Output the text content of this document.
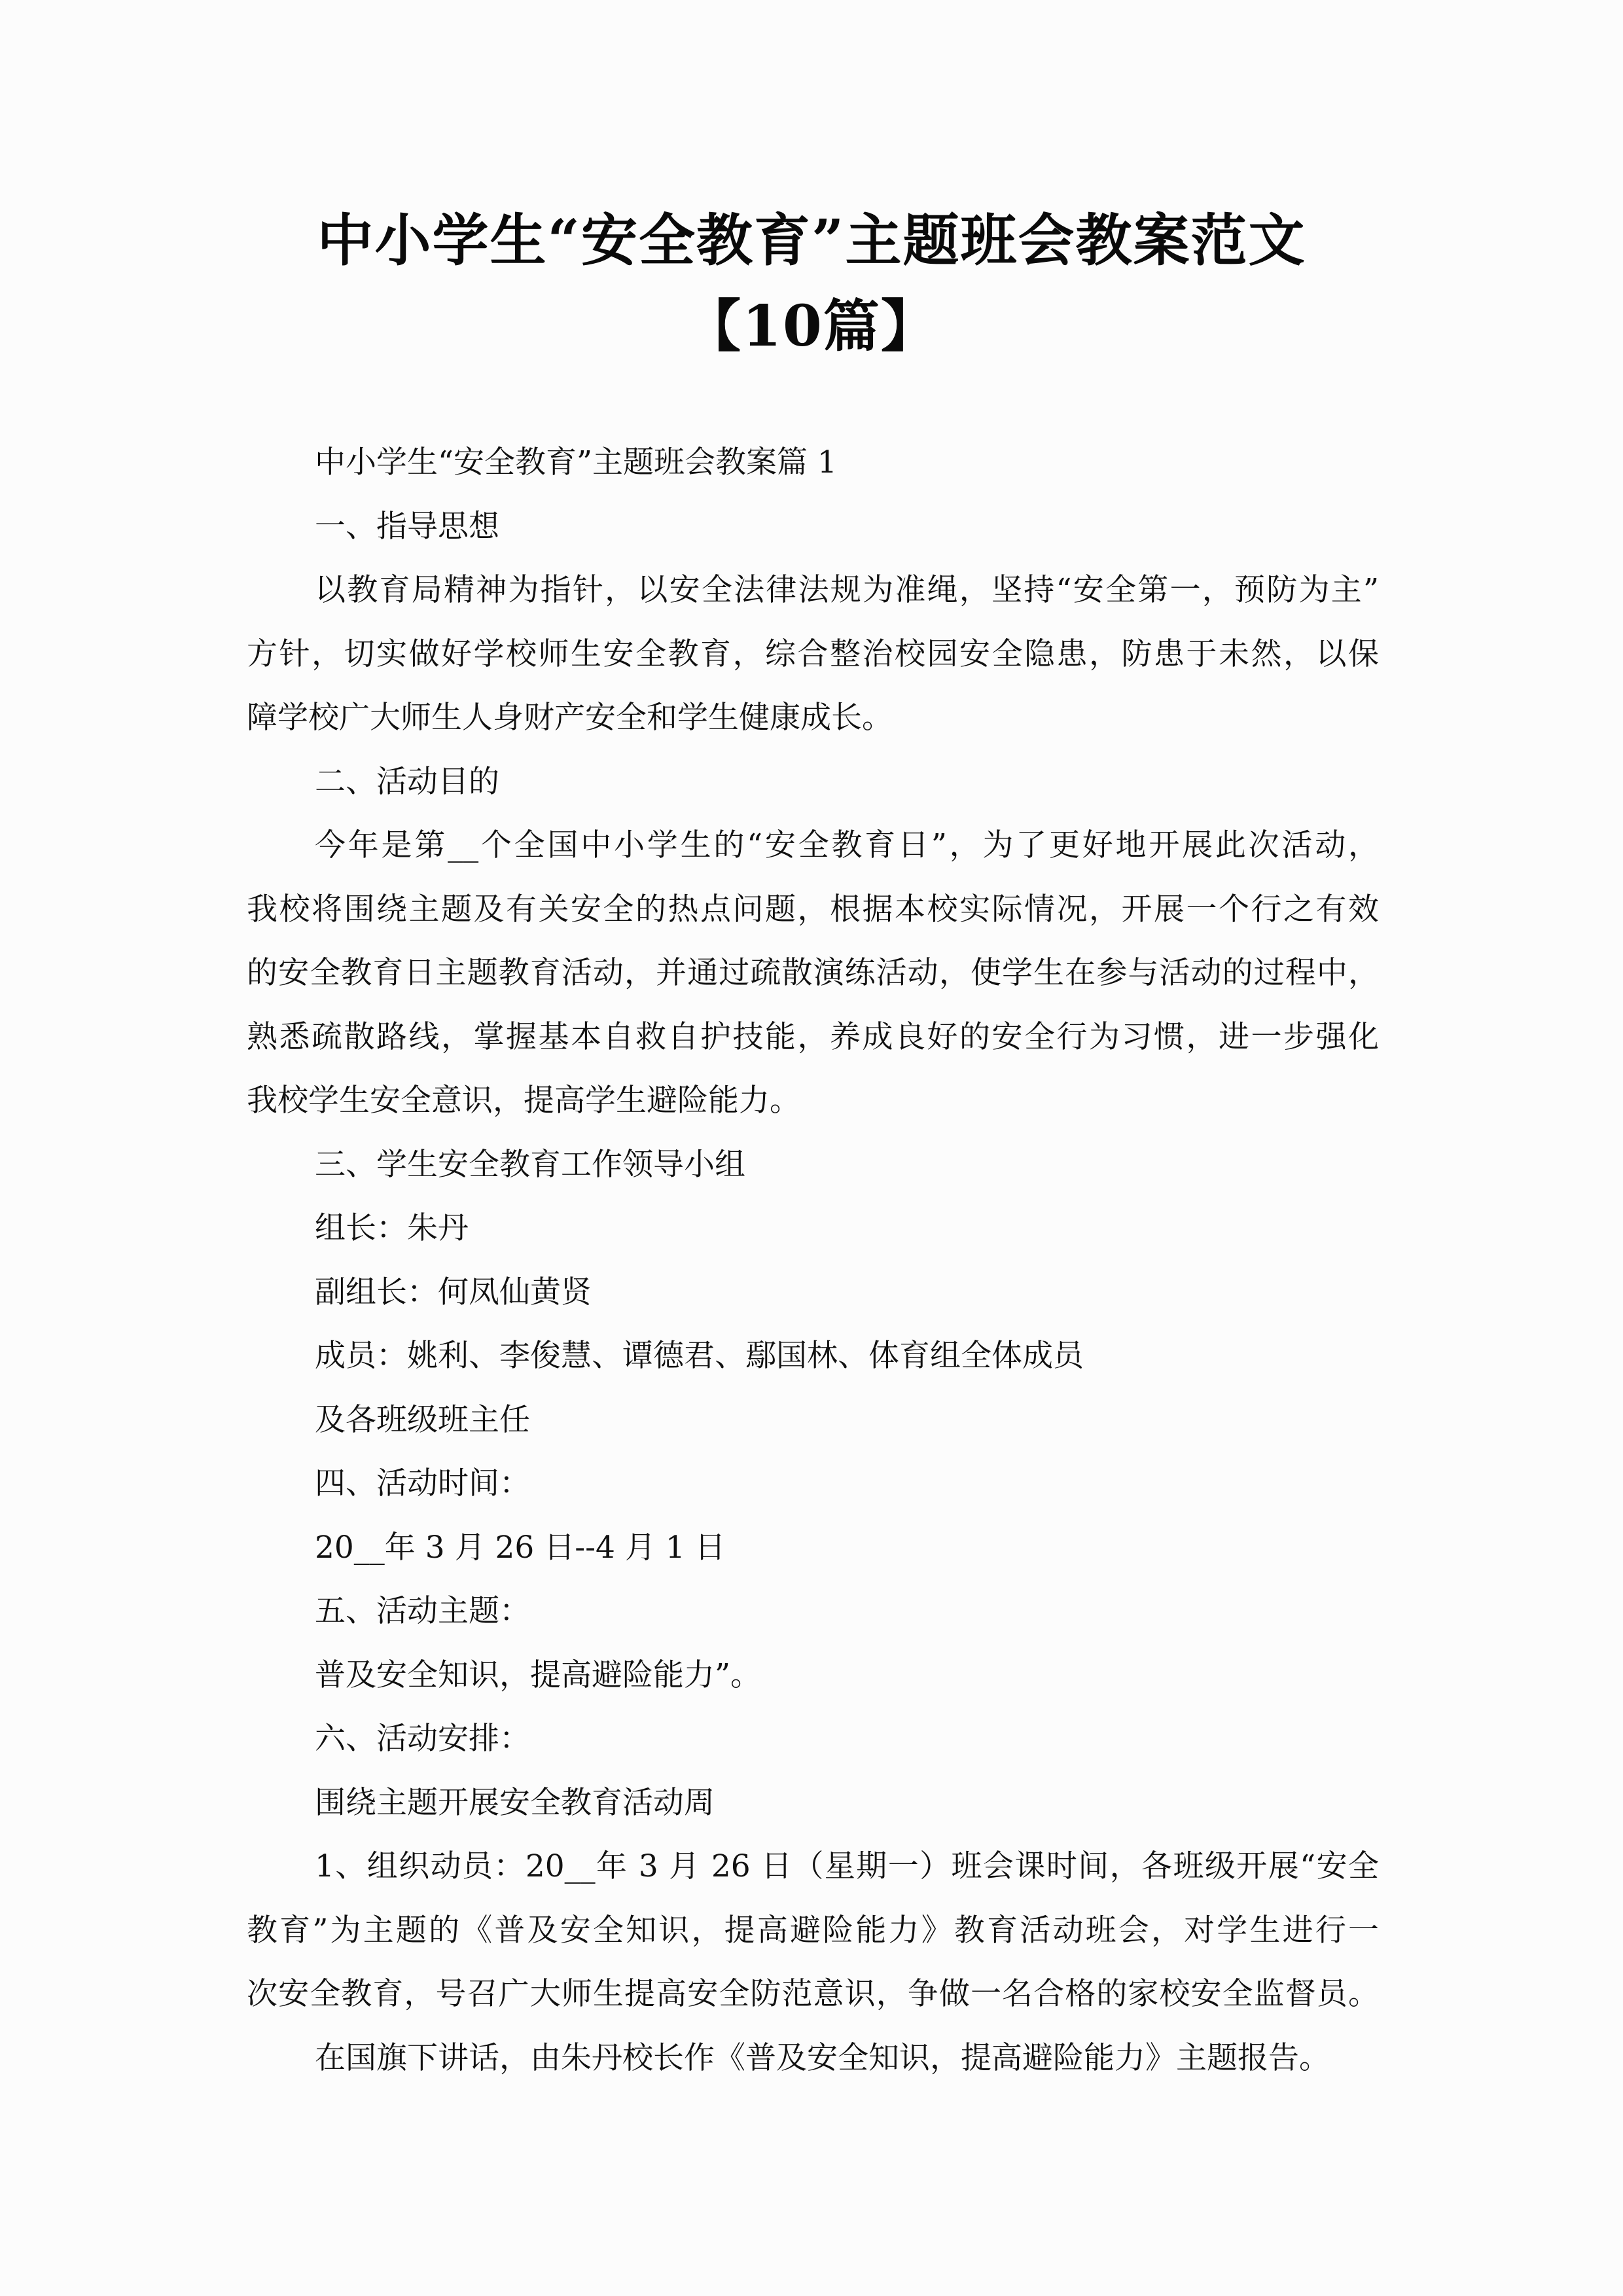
中小学生“安全教育”主题班会教案范文
【10篇】

中小学生“安全教育”主题班会教案篇 1

一、指导思想

以教育局精神为指针，以安全法律法规为准绳，坚持“安全第一，预防为主”
方针，切实做好学校师生安全教育，综合整治校园安全隐患，防患于未然，以保
障学校广大师生人身财产安全和学生健康成长。

二、活动目的

今年是第__个全国中小学生的“安全教育日”，为了更好地开展此次活动，
我校将围绕主题及有关安全的热点问题，根据本校实际情况，开展一个行之有效
的安全教育日主题教育活动，并通过疏散演练活动，使学生在参与活动的过程中，
熟悉疏散路线，掌握基本自救自护技能，养成良好的安全行为习惯，进一步强化
我校学生安全意识，提高学生避险能力。

三、学生安全教育工作领导小组

组长：朱丹

副组长：何凤仙黄贤

成员：姚利、李俊慧、谭德君、鄢国林、体育组全体成员

及各班级班主任

四、活动时间：

20__年 3 月 26 日--4 月 1 日

五、活动主题：

普及安全知识，提高避险能力”。

六、活动安排：

围绕主题开展安全教育活动周

1、组织动员：20__年 3 月 26 日（星期一）班会课时间，各班级开展“安全
教育”为主题的《普及安全知识，提高避险能力》教育活动班会，对学生进行一
次安全教育，号召广大师生提高安全防范意识，争做一名合格的家校安全监督员。

在国旗下讲话，由朱丹校长作《普及安全知识，提高避险能力》主题报告。
